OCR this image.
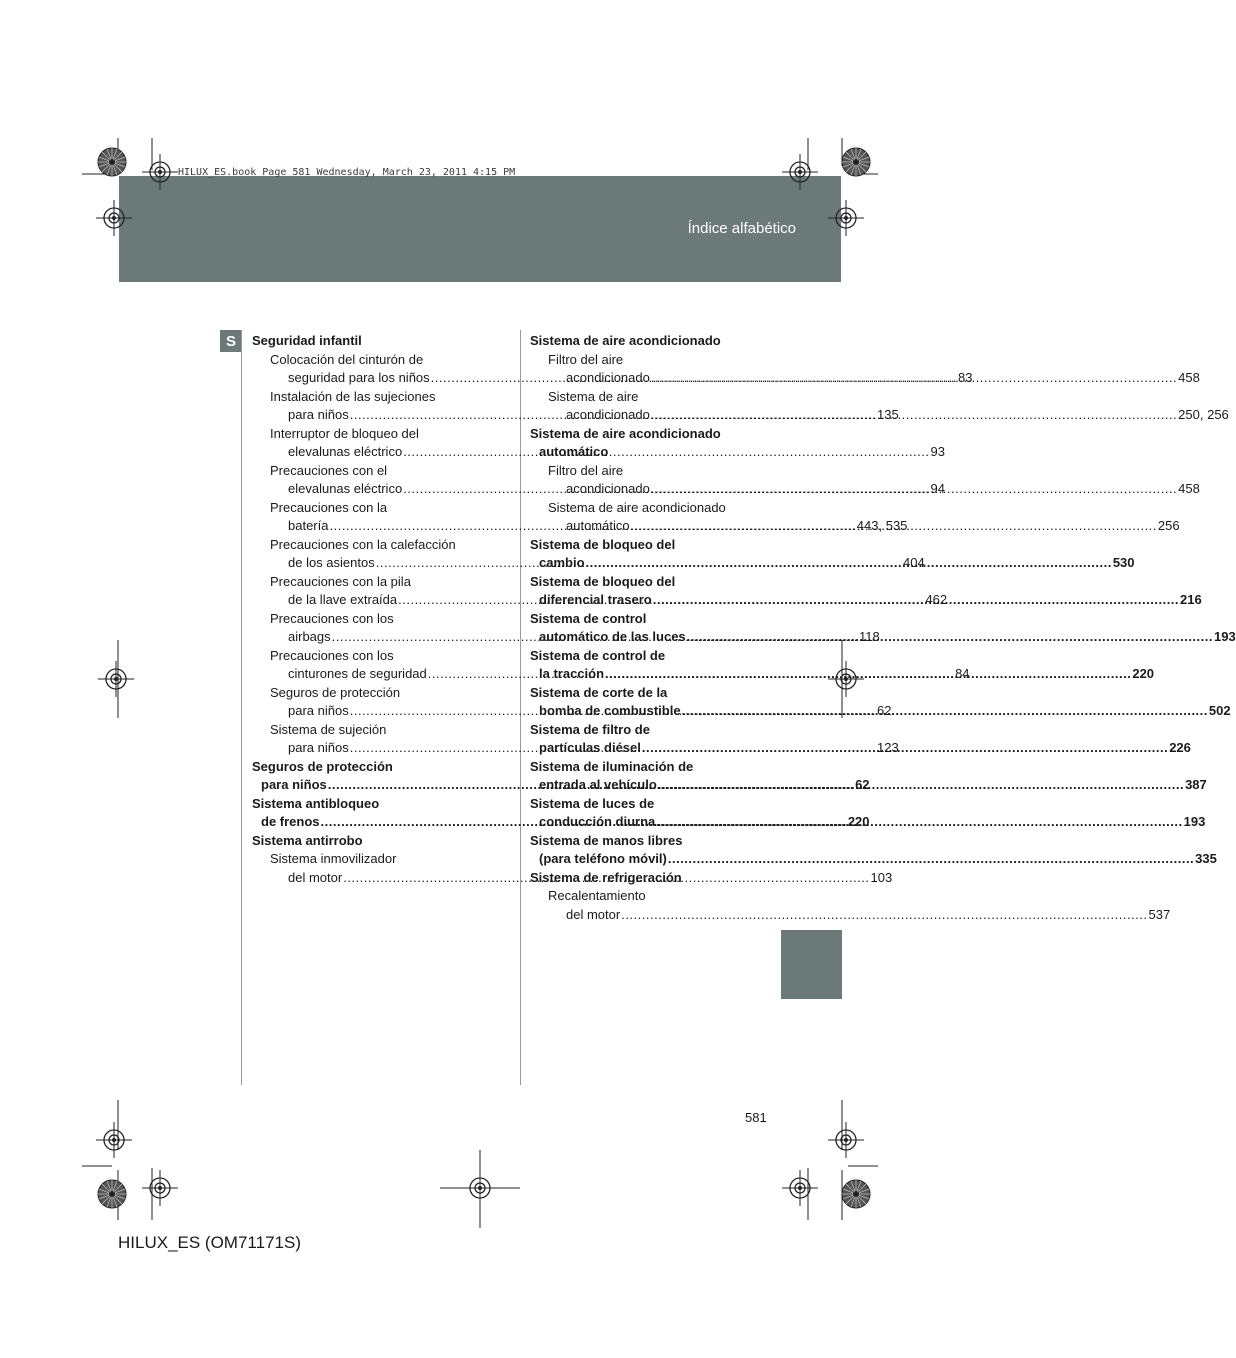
HILUX_ES.book Page 581 Wednesday, March 23, 2011 4:15 PM
Índice alfabético
S	Seguridad infantil
Colocación del cinturón de
seguridad para los niños .....	83
Instalación de las sujeciones
para niños .....	135
Interruptor de bloqueo del
elevalunas eléctrico .....	93
Precauciones con el
elevalunas eléctrico .....	94
Precauciones con la
batería .....	443, 535
Precauciones con la calefacción
de los asientos .....	404
Precauciones con la pila
de la llave extraída .....	462
Precauciones con los
airbags .....	118
Precauciones con los
cinturones de seguridad .....	84
Seguros de protección
para niños .....	62
Sistema de sujeción
para niños .....	123
Seguros de protección
para niños .....	62
Sistema antibloqueo
de frenos .....	220
Sistema antirrobo
Sistema inmovilizador
del motor .....	103
Sistema de aire acondicionado
Filtro del aire
acondicionado .....	458
Sistema de aire
acondicionado .....	250, 256
Sistema de aire acondicionado
automático
Filtro del aire
acondicionado .....	458
Sistema de aire acondicionado
automático .....	256
Sistema de bloqueo del
cambio .....	530
Sistema de bloqueo del
diferencial trasero .....	216
Sistema de control
automático de las luces .....	193
Sistema de control de
la tracción .....	220
Sistema de corte de la
bomba de combustible .....	502
Sistema de filtro de
partículas diésel .....	226
Sistema de iluminación de
entrada al vehículo .....	387
Sistema de luces de
conducción diurna .....	193
Sistema de manos libres
(para teléfono móvil) .....	335
Sistema de refrigeración
Recalentamiento
del motor .....	537
581
HILUX_ES (OM71171S)
